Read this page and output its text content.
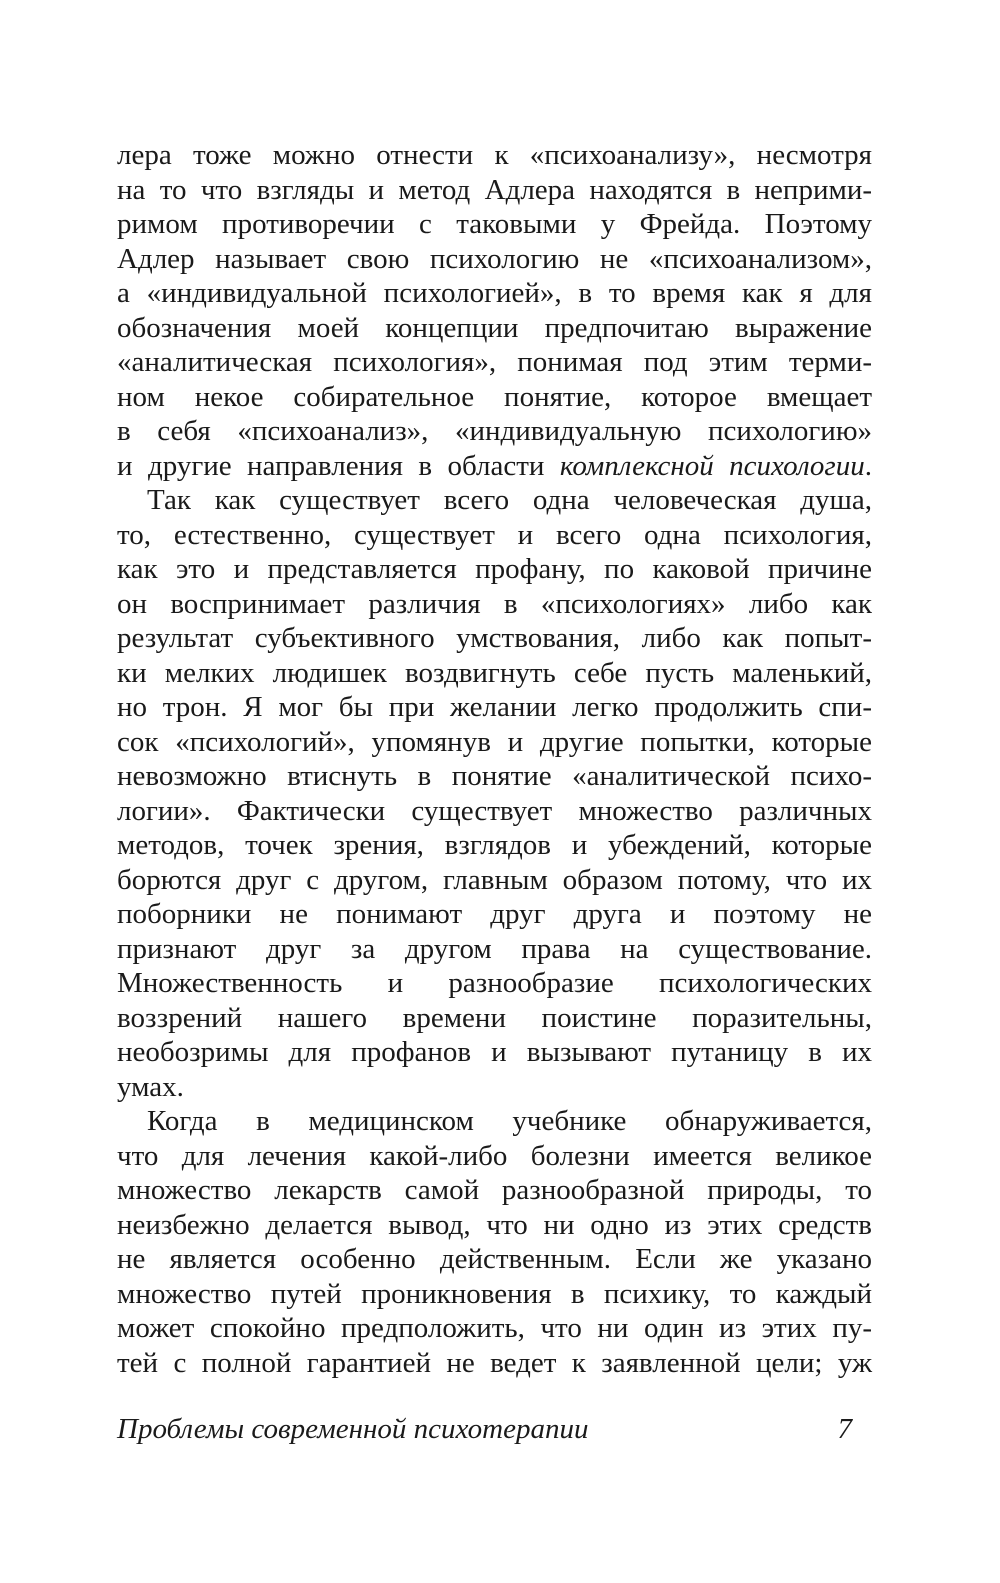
лера тоже можно отнести к «психоанализу», несмотря
на то что взгляды и метод Адлера находятся в неприми-
римом противоречии с таковыми у Фрейда. Поэтому
Адлер называет свою психологию не «психоанализом»,
а «индивидуальной психологией», в то время как я для
обозначения моей концепции предпочитаю выражение
«аналитическая психология», понимая под этим терми-
ном некое собирательное понятие, которое вмещает
в себя «психоанализ», «индивидуальную психологию»
и другие направления в области комплексной психологии.
Так как существует всего одна человеческая душа,
то, естественно, существует и всего одна психология,
как это и представляется профану, по каковой причине
он воспринимает различия в «психологиях» либо как
результат субъективного умствования, либо как попыт-
ки мелких людишек воздвигнуть себе пусть маленький,
но трон. Я мог бы при желании легко продолжить спи-
сок «психологий», упомянув и другие попытки, которые
невозможно втиснуть в понятие «аналитической психо-
логии». Фактически существует множество различных
методов, точек зрения, взглядов и убеждений, которые
борются друг с другом, главным образом потому, что их
поборники не понимают друг друга и поэтому не
признают друг за другом права на существование.
Множественность и разнообразие психологических
воззрений нашего времени поистине поразительны,
необозримы для профанов и вызывают путаницу в их
умах.
Когда в медицинском учебнике обнаруживается,
что для лечения какой-либо болезни имеется великое
множество лекарств самой разнообразной природы, то
неизбежно делается вывод, что ни одно из этих средств
не является особенно действенным. Если же указано
множество путей проникновения в психику, то каждый
может спокойно предположить, что ни один из этих пу-
тей с полной гарантией не ведет к заявленной цели; уж
Проблемы современной психотерапии	7
